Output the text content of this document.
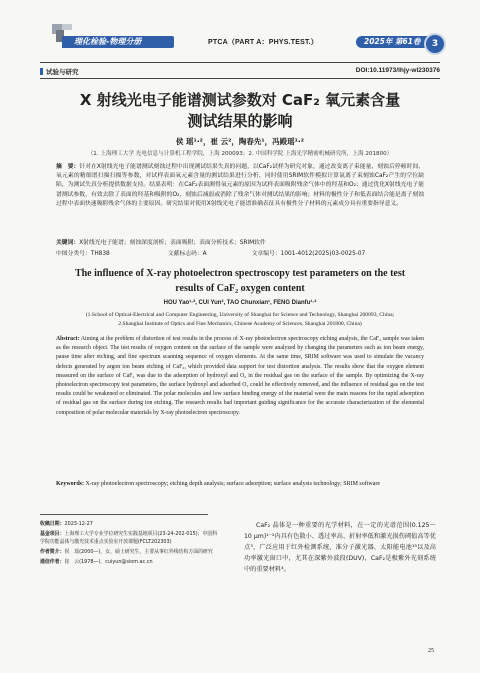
理化检验-物理分册	PTCA（PART A：PHYS.TEST.）	2025年 第61卷	3
试验与研究	DOI:10.11973/lhjy-wl230376
X 射线光电子能谱测试参数对 CaF₂ 氧元素含量
测试结果的影响
侯 瑶¹·²，崔 云²，陶春先¹，冯殿瑶¹·²
（1. 上海理工大学 光电信息与计算机工程学院，上海 200093；2. 中国科学院 上海光学精密机械研究所，上海 201800）
摘　要：针对在X射线光电子能谱测试刻蚀过程中出现测试结果失真的问题，以CaF₂试样为研究对象，通过改变离子束能量、刻蚀后停顿时间、氧元素的精细谱扫描扫描等参数，对试样表面氧元素含量的测试结果进行分析，同时使用SRIM软件模拟计算氩离子束刻蚀CaF₂产生的空位缺陷，为测试失真分析提供数据支持。结果表明：在CaF₂表面测得氧元素的原因为试样表面吸附残余气体中的羟基和O₂；通过优化X射线光电子能谱测试参数，有效去除了表面的羟基和吸附的O₂，刻蚀后减弱或消除了残余气体对测试结果的影响；材料的极性分子和低表面结合能是离子刻蚀过程中表面快速吸附残余气体的主要原因。研究结果对使用X射线光电子能谱准确表征具有极性分子材料的元素成分具有重要指导意义。
关键词：X射线光电子能谱；刻蚀深度剖析；表面吸附；表面分析技术；SRIM软件
中图分类号：TH838	文献标志码：A	文章编号：1001-4012(2025)03-0025-07
The influence of X-ray photoelectron spectroscopy test parameters on the test
results of CaF₂ oxygen content
HOU Yao¹·², CUI Yun², TAO Chunxian¹, FENG Dianfu¹·²
(1.School of Optical-Electrical and Computer Engineering, University of Shanghai for Science and Technology, Shanghai 200093, China;
2.Shanghai Institute of Optics and Fine Mechanics, Chinese Academy of Sciences, Shanghai 201800, China)
Abstract: Aiming at the problem of distortion of test results in the process of X-ray photoelectron spectroscopy etching analysis, the CaF₂ sample was taken as the research object. The test results of oxygen content on the surface of the sample were analyzed by changing the parameters such as ion beam energy, pause time after etching, and fine spectrum scanning sequence of oxygen elements. At the same time, SRIM software was used to simulate the vacancy defects generated by argon ion beam etching of CaF₂, which provided data support for test distortion analysis. The results show that the oxygen element measured on the surface of CaF₂ was due to the adsorption of hydroxyl and O₂ in the residual gas on the surface of the sample. By optimizing the X-ray photoelectron spectroscopy test parameters, the surface hydroxyl and adsorbed O₂ could be effectively removed, and the influence of residual gas on the test results could be weakened or eliminated. The polar molecules and low surface binding energy of the material were the main reasons for the rapid adsorption of residual gas on the surface during ion etching. The research results had important guiding significance for the accurate characterization of the elemental composition of polar molecular materials by X-ray photoelectron spectroscopy.
Keywords: X-ray photoelectron spectroscopy; etching depth analysis; surface adsorption; surface analysis technology; SRIM software

收稿日期：2023-12-27

基金项目：上海理工大学专业学位研究生实践基地项目(23-24-202-015)；中国科学院功能晶体与激光技术重点实验室开放课题(FCLT202303)

作者简介：侯　瑶(2000—)，女，硕士研究生，主要从事红外线结构方面的研究

通信作者：崔　云(1978—)，cuiyun@siom.ac.cn

CaF₂ 晶体是一种重要的光学材料，在一定的光谱范围(0.125～10 μm)¹⁻²内具有色散小、透过率高、折射率低和激光损伤阈值高等优点³，广泛应用于红外检测系统、准分子激光器、太阳能电池¹³以及高功率激光窗口中，尤其在深紫外波段(DUV)，CaF₂是极紫外光刻系统中的重要材料⁴。
25
